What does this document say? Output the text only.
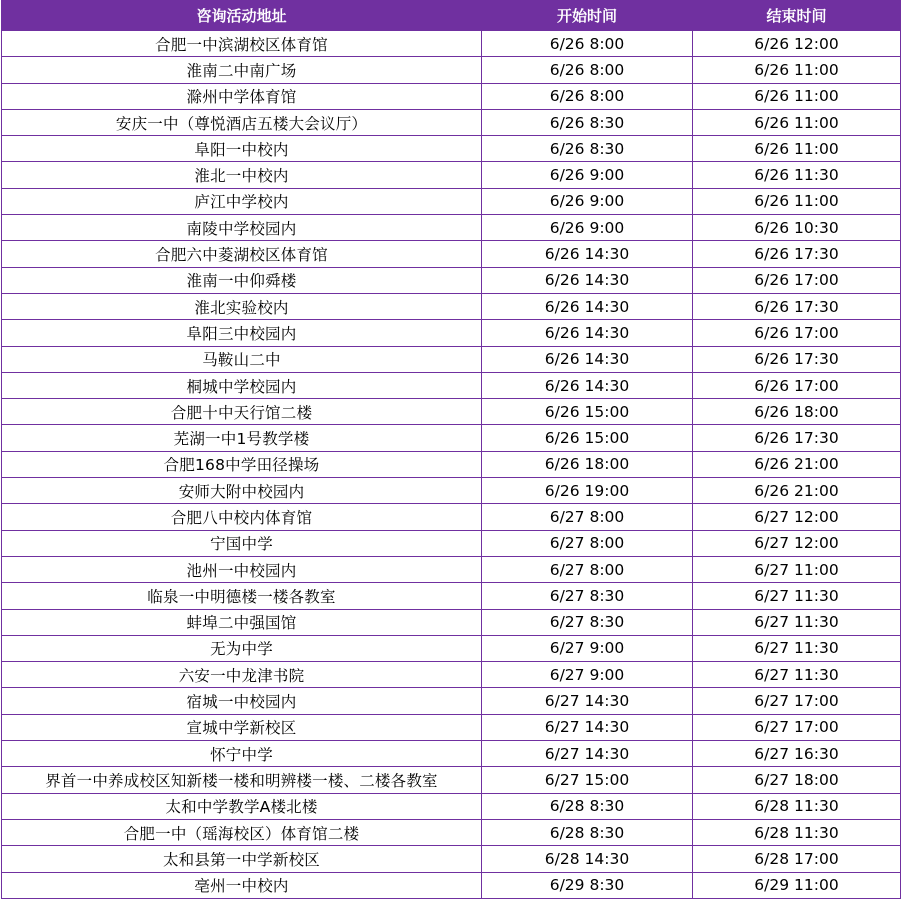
咨询活动地址	开始时间	结束时间
合肥一中滨湖校区体育馆	6/26 8:00	6/26 12:00
淮南二中南广场	6/26 8:00	6/26 11:00
滁州中学体育馆	6/26 8:00	6/26 11:00
安庆一中（尊悦酒店五楼大会议厅）	6/26 8:30	6/26 11:00
阜阳一中校内	6/26 8:30	6/26 11:00
淮北一中校内	6/26 9:00	6/26 11:30
庐江中学校内	6/26 9:00	6/26 11:00
南陵中学校园内	6/26 9:00	6/26 10:30
合肥六中菱湖校区体育馆	6/26 14:30	6/26 17:30
淮南一中仰舜楼	6/26 14:30	6/26 17:00
淮北实验校内	6/26 14:30	6/26 17:30
阜阳三中校园内	6/26 14:30	6/26 17:00
马鞍山二中	6/26 14:30	6/26 17:30
桐城中学校园内	6/26 14:30	6/26 17:00
合肥十中天行馆二楼	6/26 15:00	6/26 18:00
芜湖一中1号教学楼	6/26 15:00	6/26 17:30
合肥168中学田径操场	6/26 18:00	6/26 21:00
安师大附中校园内	6/26 19:00	6/26 21:00
合肥八中校内体育馆	6/27 8:00	6/27 12:00
宁国中学	6/27 8:00	6/27 12:00
池州一中校园内	6/27 8:00	6/27 11:00
临泉一中明德楼一楼各教室	6/27 8:30	6/27 11:30
蚌埠二中强国馆	6/27 8:30	6/27 11:30
无为中学	6/27 9:00	6/27 11:30
六安一中龙津书院	6/27 9:00	6/27 11:30
宿城一中校园内	6/27 14:30	6/27 17:00
宣城中学新校区	6/27 14:30	6/27 17:00
怀宁中学	6/27 14:30	6/27 16:30
界首一中养成校区知新楼一楼和明辨楼一楼、二楼各教室	6/27 15:00	6/27 18:00
太和中学教学A楼北楼	6/28 8:30	6/28 11:30
合肥一中（瑶海校区）体育馆二楼	6/28 8:30	6/28 11:30
太和县第一中学新校区	6/28 14:30	6/28 17:00
亳州一中校内	6/29 8:30	6/29 11:00
